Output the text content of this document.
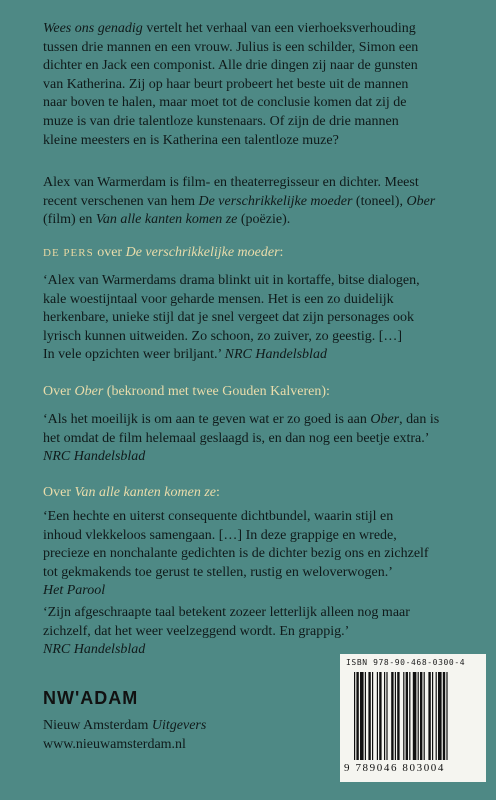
Wees ons genadig vertelt het verhaal van een vierhoeksverhouding

tussen drie mannen en een vrouw. Julius is een schilder, Simon een

dichter en Jack een componist. Alle drie dingen zij naar de gunsten

van Katherina. Zij op haar beurt probeert het beste uit de mannen

naar boven te halen, maar moet tot de conclusie komen dat zij de

muze is van drie talentloze kunstenaars. Of zijn de drie mannen

kleine meesters en is Katherina een talentloze muze?

Alex van Warmerdam is film- en theaterregisseur en dichter. Meest

recent verschenen van hem De verschrikkelijke moeder (toneel), Ober

(film) en Van alle kanten komen ze (poëzie).

DE PERS over De verschrikkelijke moeder:

‘Alex van Warmerdams drama blinkt uit in kortaffe, bitse dialogen,

kale woestijntaal voor geharde mensen. Het is een zo duidelijk

herkenbare, unieke stijl dat je snel vergeet dat zijn personages ook

lyrisch kunnen uitweiden. Zo schoon, zo zuiver, zo geestig. […]

In vele opzichten weer briljant.’ NRC Handelsblad

Over Ober (bekroond met twee Gouden Kalveren):

‘Als het moeilijk is om aan te geven wat er zo goed is aan Ober, dan is

het omdat de film helemaal geslaagd is, en dan nog een beetje extra.’

NRC Handelsblad

Over Van alle kanten komen ze:

‘Een hechte en uiterst consequente dichtbundel, waarin stijl en

inhoud vlekkeloos samengaan. […] In deze grappige en wrede,

precieze en nonchalante gedichten is de dichter bezig ons en zichzelf

tot gekmakends toe gerust te stellen, rustig en weloverwogen.’

Het Parool

‘Zijn afgeschraapte taal betekent zozeer letterlijk alleen nog maar

zichzelf, dat het weer veelzeggend wordt. En grappig.’

NRC Handelsblad

NW'ADAM

Nieuw Amsterdam Uitgevers

www.nieuwamsterdam.nl

ISBN 978-90-468-0300-4
9 789046 803004
